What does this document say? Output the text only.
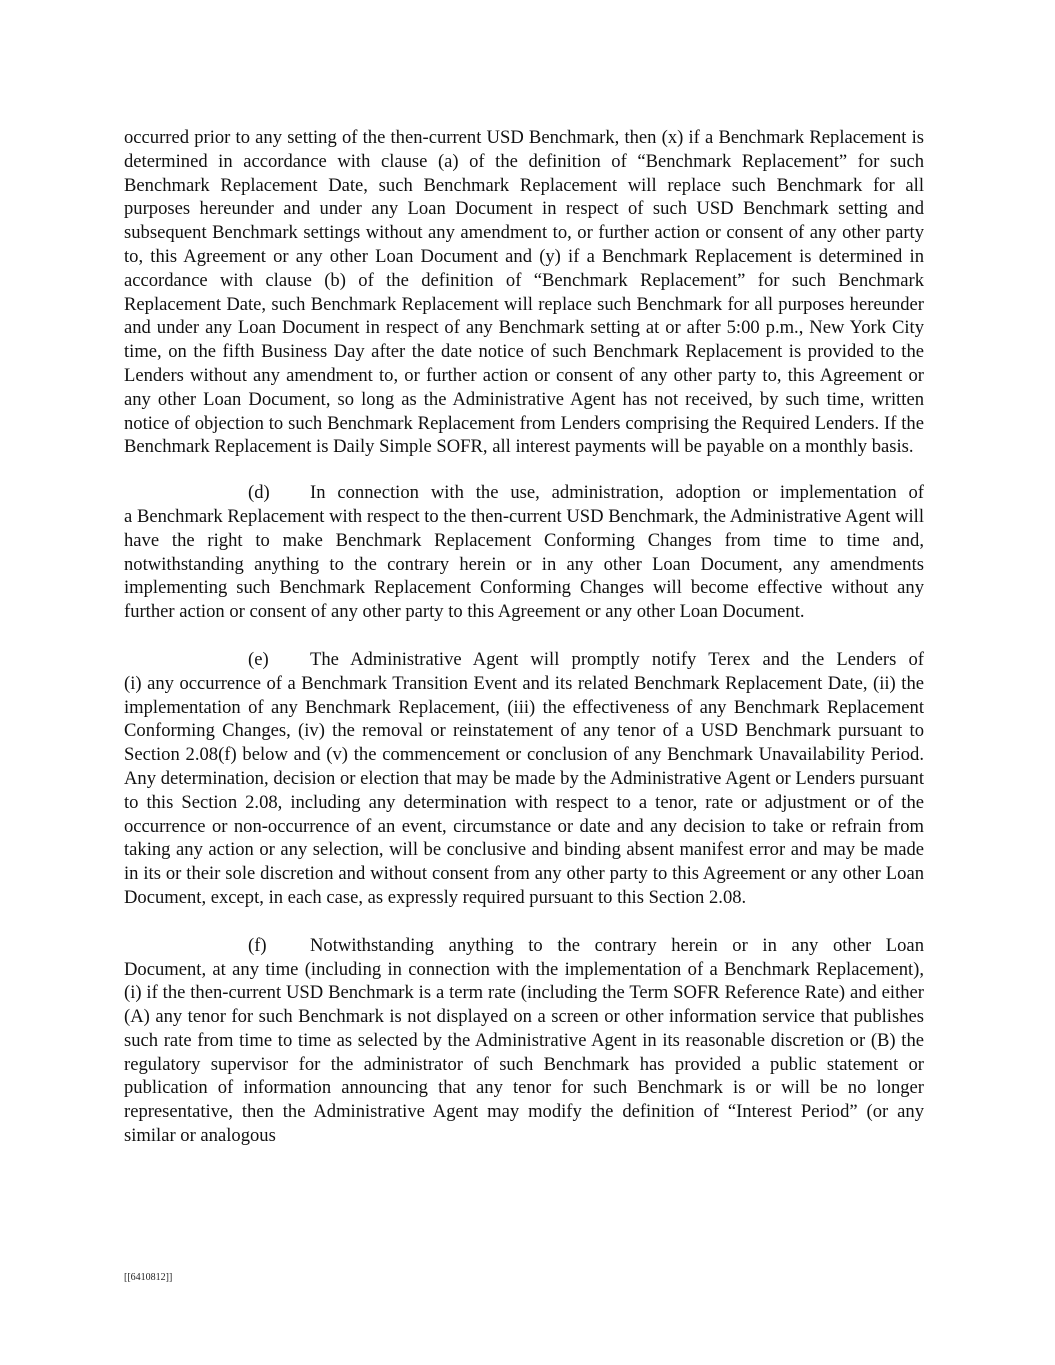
occurred prior to any setting of the then-current USD Benchmark, then (x) if a Benchmark Replacement is determined in accordance with clause (a) of the definition of “Benchmark Replacement” for such Benchmark Replacement Date, such Benchmark Replacement will replace such Benchmark for all purposes hereunder and under any Loan Document in respect of such USD Benchmark setting and subsequent Benchmark settings without any amendment to, or further action or consent of any other party to, this Agreement or any other Loan Document and (y) if a Benchmark Replacement is determined in accordance with clause (b) of the definition of “Benchmark Replacement” for such Benchmark Replacement Date, such Benchmark Replacement will replace such Benchmark for all purposes hereunder and under any Loan Document in respect of any Benchmark setting at or after 5:00 p.m., New York City time, on the fifth Business Day after the date notice of such Benchmark Replacement is provided to the Lenders without any amendment to, or further action or consent of any other party to, this Agreement or any other Loan Document, so long as the Administrative Agent has not received, by such time, written notice of objection to such Benchmark Replacement from Lenders comprising the Required Lenders. If the Benchmark Replacement is Daily Simple SOFR, all interest payments will be payable on a monthly basis.

(d) In connection with the use, administration, adoption or implementation of
a Benchmark Replacement with respect to the then-current USD Benchmark, the Administrative Agent will have the right to make Benchmark Replacement Conforming Changes from time to time and, notwithstanding anything to the contrary herein or in any other Loan Document, any amendments implementing such Benchmark Replacement Conforming Changes will become effective without any further action or consent of any other party to this Agreement or any other Loan Document.

(e) The Administrative Agent will promptly notify Terex and the Lenders of
(i) any occurrence of a Benchmark Transition Event and its related Benchmark Replacement Date, (ii) the implementation of any Benchmark Replacement, (iii) the effectiveness of any Benchmark Replacement Conforming Changes, (iv) the removal or reinstatement of any tenor of a USD Benchmark pursuant to Section 2.08(f) below and (v) the commencement or conclusion of any Benchmark Unavailability Period. Any determination, decision or election that may be made by the Administrative Agent or Lenders pursuant to this Section 2.08, including any determination with respect to a tenor, rate or adjustment or of the occurrence or non-occurrence of an event, circumstance or date and any decision to take or refrain from taking any action or any selection, will be conclusive and binding absent manifest error and may be made in its or their sole discretion and without consent from any other party to this Agreement or any other Loan Document, except, in each case, as expressly required pursuant to this Section 2.08.

(f) Notwithstanding anything to the contrary herein or in any other Loan
Document, at any time (including in connection with the implementation of a Benchmark Replacement), (i) if the then-current USD Benchmark is a term rate (including the Term SOFR Reference Rate) and either (A) any tenor for such Benchmark is not displayed on a screen or other information service that publishes such rate from time to time as selected by the Administrative Agent in its reasonable discretion or (B) the regulatory supervisor for the administrator of such Benchmark has provided a public statement or publication of information announcing that any tenor for such Benchmark is or will be no longer representative, then the Administrative Agent may modify the definition of “Interest Period” (or any similar or analogous

[[6410812]]
